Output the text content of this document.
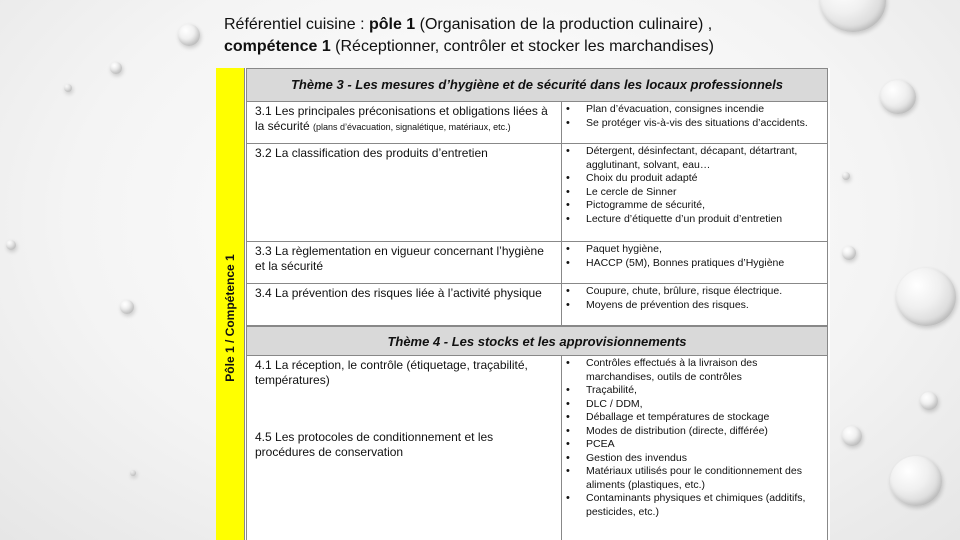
Référentiel cuisine : pôle 1 (Organisation de la production culinaire) ,
compétence 1 (Réceptionner, contrôler et stocker les marchandises)
Pôle 1 / Compétence 1
Thème 3 - Les mesures d’hygiène et de sécurité dans les locaux professionnels
3.1 Les principales préconisations et obligations liées à la sécurité (plans d’évacuation, signalétique, matériaux, etc.)
• Plan d’évacuation, consignes incendie
• Se protéger vis-à-vis des situations d’accidents.
3.2 La classification des produits d’entretien	• Détergent, désinfectant, décapant, détartrant, agglutinant, solvant, eau…
• Choix du produit adapté
• Le cercle de Sinner
• Pictogramme de sécurité,
• Lecture d’étiquette d’un produit d’entretien
3.3 La règlementation en vigueur concernant l’hygiène et la sécurité
• Paquet hygiène,
• HACCP (5M), Bonnes pratiques d’Hygiène
3.4 La prévention des risques liée à l’activité physique	• Coupure, chute, brûlure, risque électrique.
• Moyens de prévention des risques.
Thème 4 - Les stocks et les approvisionnements
4.1 La réception, le contrôle (étiquetage, traçabilité, températures)
4.5 Les protocoles de conditionnement et les procédures de conservation
• Contrôles effectués à la livraison des marchandises, outils de contrôles
• Traçabilité,
• DLC / DDM,
• Déballage et températures de stockage
• Modes de distribution (directe, différée)
• PCEA
• Gestion des invendus
• Matériaux utilisés pour le conditionnement des aliments (plastiques, etc.)
• Contaminants physiques et chimiques (additifs, pesticides, etc.)
